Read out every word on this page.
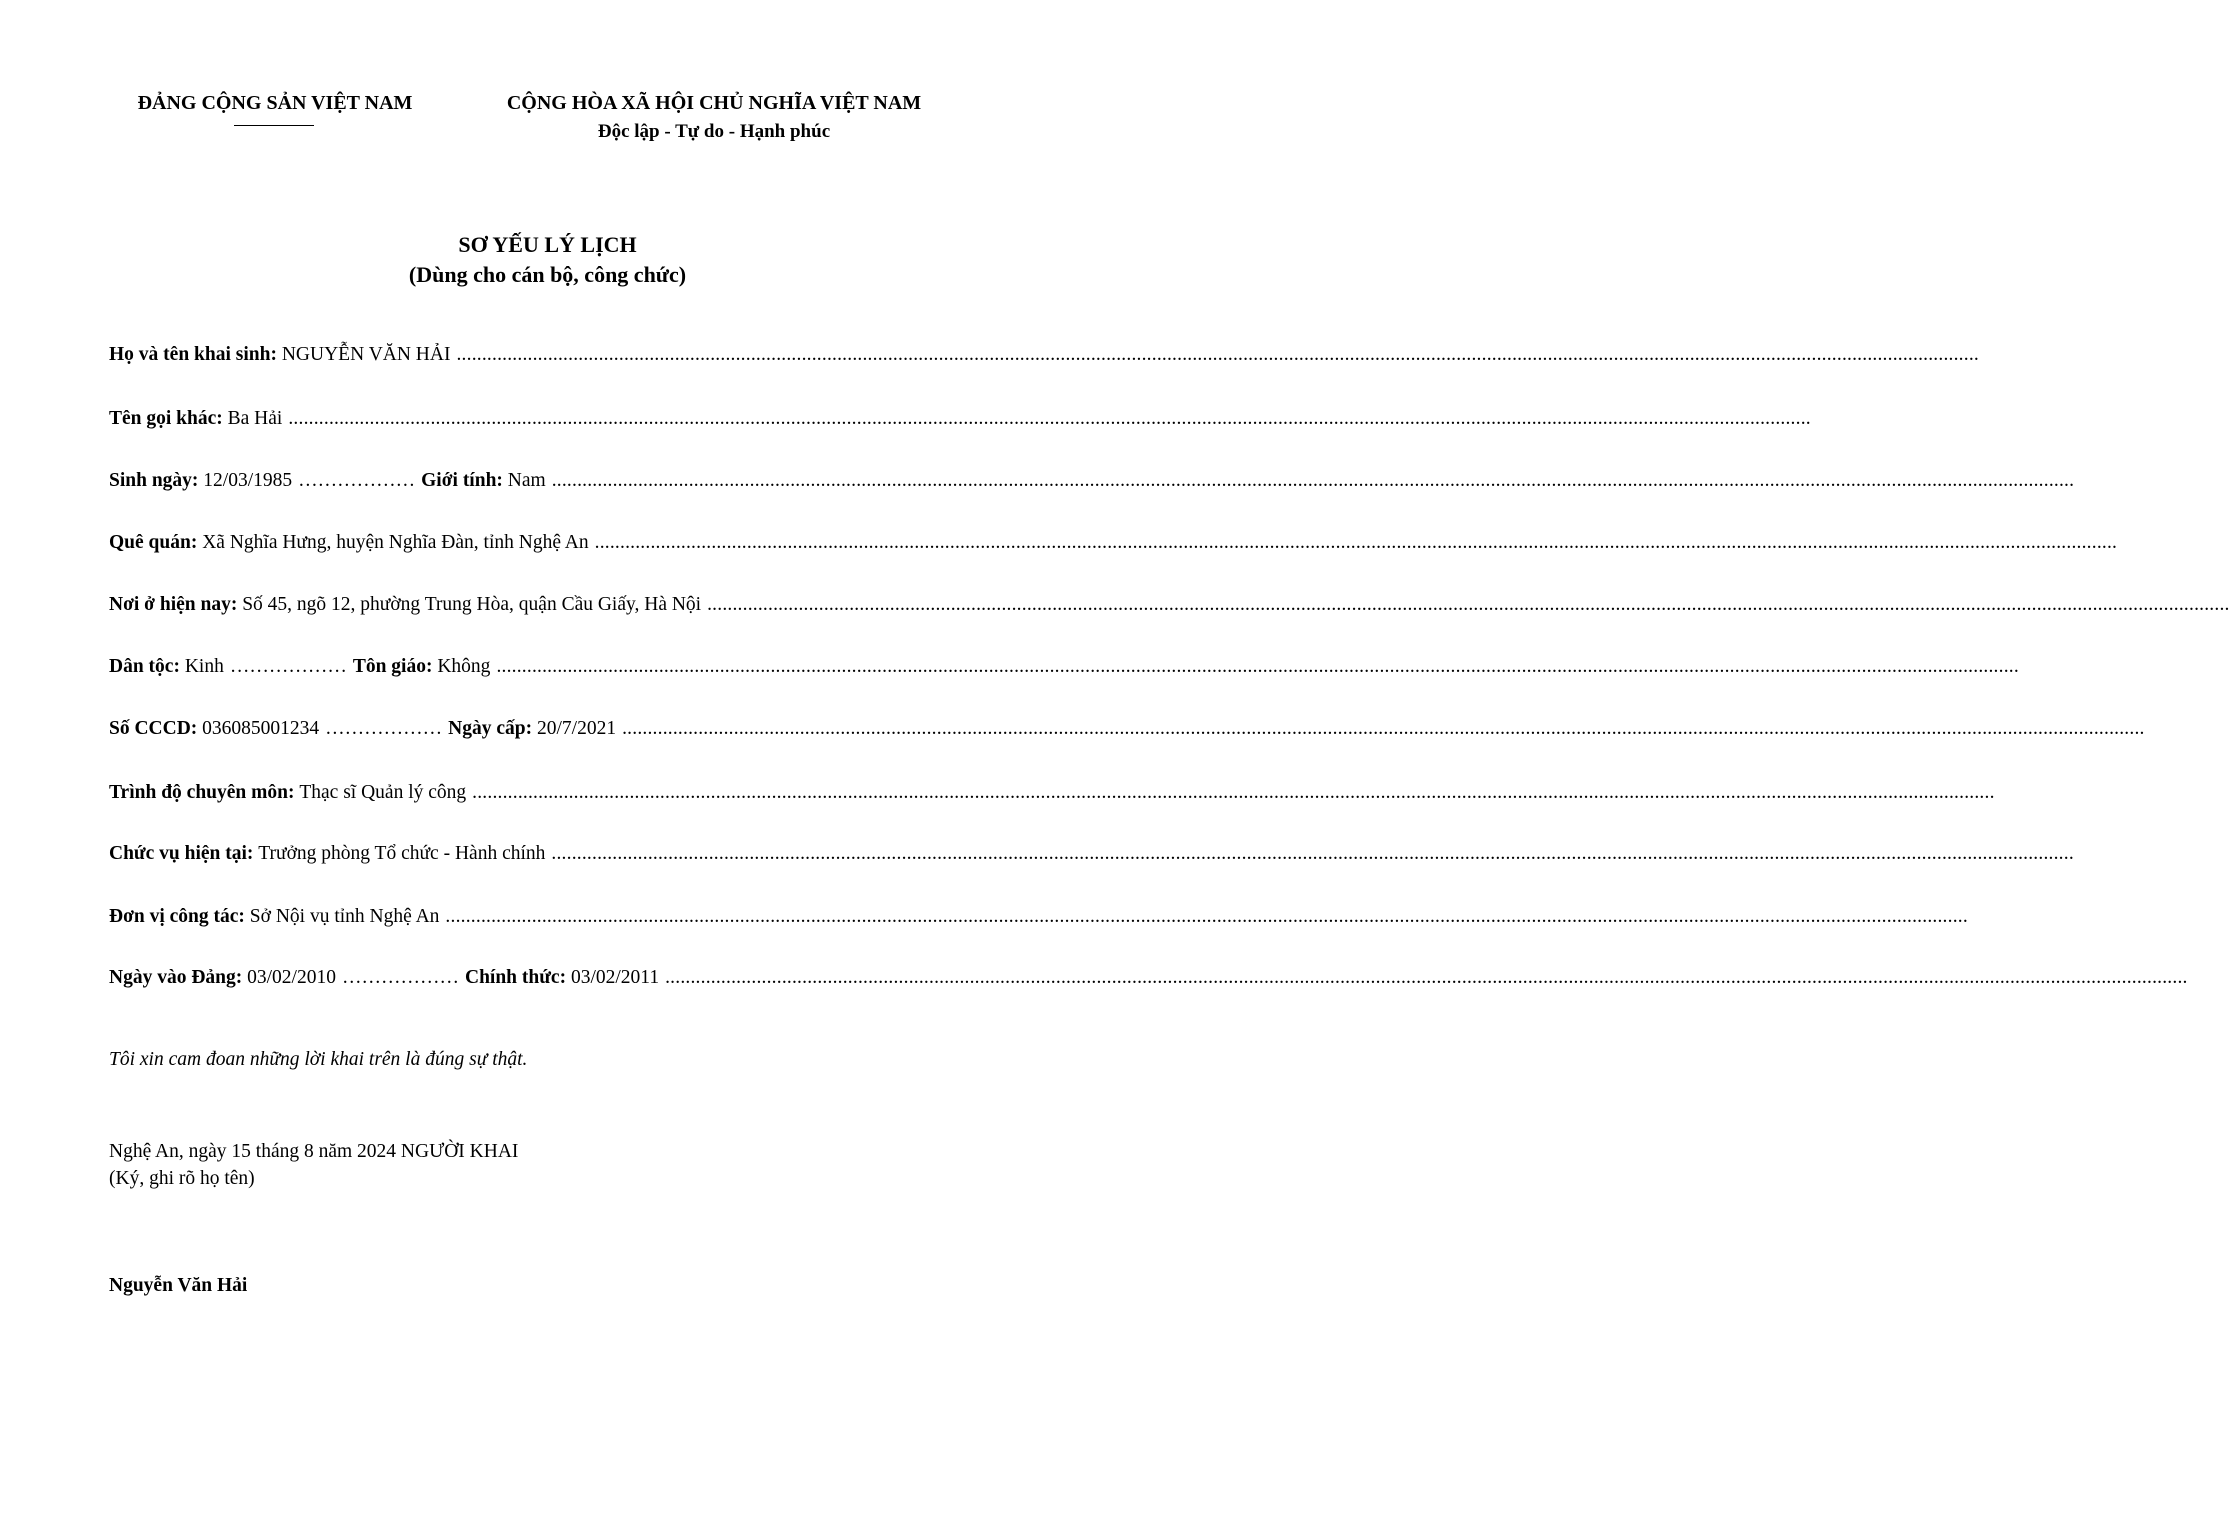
ĐẢNG CỘNG SẢN VIỆT NAM	CỘNG HÒA XÃ HỘI CHỦ NGHĨA VIỆT NAM
Độc lập - Tự do - Hạnh phúc
SƠ YẾU LÝ LỊCH
(Dùng cho cán bộ, công chức)
Họ và tên khai sinh:
NGUYỄN VĂN HẢI ............................................................................................................................................................................................................................................................................................................
Tên gọi khác:
Ba Hải ............................................................................................................................................................................................................................................................................................................
Sinh ngày:
12/03/1985 ……………… Giới tính:
Nam ............................................................................................................................................................................................................................................................................................................
Quê quán:
Xã Nghĩa Hưng, huyện Nghĩa Đàn, tỉnh Nghệ An ............................................................................................................................................................................................................................................................................................................
Nơi ở hiện nay:
Số 45, ngõ 12, phường Trung Hòa, quận Cầu Giấy, Hà Nội ............................................................................................................................................................................................................................................................................................................
Dân tộc:
Kinh ……………… Tôn giáo:
Không ............................................................................................................................................................................................................................................................................................................
Số CCCD:
036085001234 ……………… Ngày cấp:
20/7/2021 ............................................................................................................................................................................................................................................................................................................
Trình độ chuyên môn:
Thạc sĩ Quản lý công ............................................................................................................................................................................................................................................................................................................
Chức vụ hiện tại:
Trưởng phòng Tổ chức - Hành chính ............................................................................................................................................................................................................................................................................................................
Đơn vị công tác:
Sở Nội vụ tỉnh Nghệ An ............................................................................................................................................................................................................................................................................................................
Ngày vào Đảng:
03/02/2010 ……………… Chính thức:
03/02/2011 ............................................................................................................................................................................................................................................................................................................
Tôi xin cam đoan những lời khai trên là đúng sự thật.
Nghệ An, ngày 15 tháng 8 năm 2024 NGƯỜI KHAI
(Ký, ghi rõ họ tên)
Nguyễn Văn Hải
